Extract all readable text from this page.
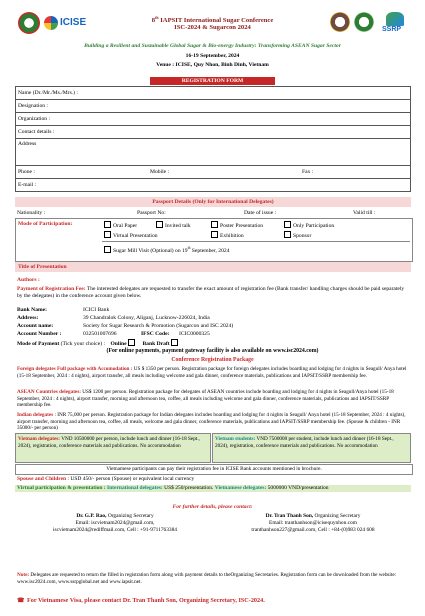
ICISE
SSRP
8th IAPSIT International Sugar Conference
ISC-2024 & Sugarcon 2024
Building a Resilient and Sustainable Global Sugar & Bio-energy Industry: Transforming ASEAN Sugar Sector
16-19 September, 2024
Venue : ICISE, Quy Nhon, Binh Dinh, Vietnam
REGISTRATION FORM
Name (Dr./Mr./Ms./Mrs.) :
Designation :
Organization :
Contact details :
Address
Phone :	Mobile :	Fax :
E-mail :
Passport Details (Only for International Delegates)
Nationality :	Passport No:	Date of issue :	Valid till :
Mode of Participation:	Oral Paper	Invited talk	Poster Presentation	Only Participation
Virtual Presentation	Exhibition	Sponsor
Sugar Mill Visit (Optional) on 19th September, 2024
Title of Presentation
Authors :
Payment of Registration Fee: The interested delegates are requested to transfer the exact amount of registration fee (Bank transfer/ handling charges should be paid separately by the delegates) in the conference account given below.
Bank Name:	ICICI Bank
Address:	39 Chandralok Colony, Aliganj, Lucknow-226024, India
Account name:	Society for Sugar Research & Promotion (Sugarcon and ISC 2024)
Account Number :	032501007696	IFSC Code: ICIC0000325
Mode of Payment (Tick your choice) : Online	Bank Draft
(For online payments, payment gateway facility is also available on www.isc2024.com)
Conference Registration Package
Foreign delegates Full package with Accomodation : US $ 1350 per person. Registration package for foreign delegates includes boarding and lodging for 4 nights in Seagull/ Anya hotel (15-18 September, 2024 : 4 nights), airport transfer, all meals including welcome and gala dinner, conference materials, publications and IAPSIT/SSRP membership fee.
ASEAN Countries delegates: US$ 1200 per person. Registration package for delegates of ASEAN countries include boarding and lodging for 4 nights in Seagull/Anya hotel (15-18 September, 2024 : 4 nights), airport transfer, morning and afternoon tea, coffee, all meals including welcome and gala dinner, conference materials, publications and IAPSIT/SSRP membership fee.
Indian delegates : INR 75,000 per person. Registration package for Indian delegates includes boarding and lodging for 4 nights in Seagull/ Anya hotel (15-18 September, 2024 : 4 nights), airport transfer, morning and afternoon tea, coffee, all meals, welcome and gala dinner, conference materials, publications and IAPSIT/SSRP membership fee. (Spouse & children - INR 35000/- per person)
Vietnam delegates: VND 10500000 per person, include lunch and dinner (16-18 Sept., 2024), registration, conference materials and publications. No accommodation
Vietnam students: VND 7500000 per student, include lunch and dinner (16-18 Sept., 2024), registration, conference materials and publications. No accommodation
Vietnamese participants can pay their registration fee in ICISE Bank accounts mentioned in brochure.
Spouse and Children : USD 450/- person (Spouse) or equivalent local currency
Virtual participation & presentation : International delegates: US$ 250/presentation. Vietnamese delegates: 5000000 VND/presentation
For further details, please contact:
Dr. G.P. Rao, Organizing Secretary
Email: iscvietnam2024@gmail.com,
iscvietnam2024@rediffmail.com, Cell : +91-9711763384
Dr. Tran Thanh Son, Organizing Secretary
Email: tranthanhson@icisequynhon.com
tranthanhson227@gmail.com, Cell : +84-(0)983 024 608
Note: Delegates are requested to return the filled in registration form along with payment details to theOrganizing Secretaries. Registration form can be downloaded from the website: www.isc2024.com, www.ssrpglobal.net and www.iapsit.net.
☎ For Vietnamese Visa, please contact Dr. Tran Thanh Son, Organizing Secretary, ISC-2024.
